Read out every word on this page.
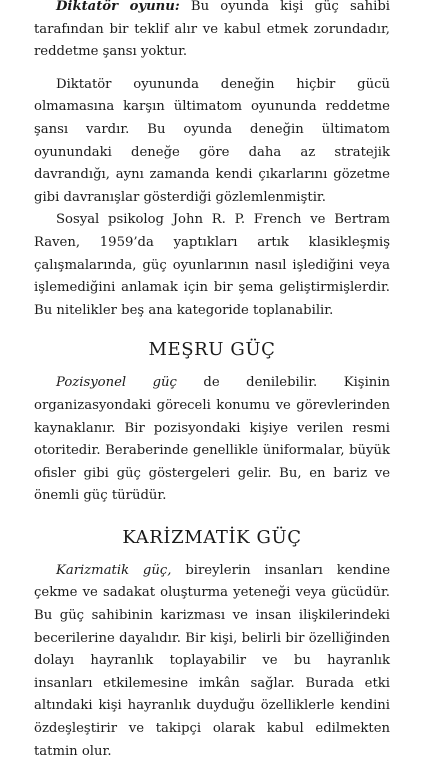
Diktatör oyunu: Bu oyunda kişi güç sahibi tarafından bir teklif alır ve kabul etmek zorundadır, reddetme şansı yoktur.

Diktatör oyununda deneğin hiçbir gücü olmamasına karşın ültimatom oyununda reddetme şansı vardır. Bu oyunda deneğin ültimatom oyunundaki deneğe göre daha az stratejik davrandığı, aynı zamanda kendi çıkarlarını gözetme gibi davranışlar gösterdiği gözlemlenmiştir.

Sosyal psikolog John R. P. French ve Bertram Raven, 1959’da yaptıkları artık klasikleşmiş çalışmalarında, güç oyunlarının nasıl işlediğini veya işlemediğini anlamak için bir şema geliştirmişlerdir. Bu nitelikler beş ana kategoride toplanabilir.

MEŞRU GÜÇ

Pozisyonel güç de denilebilir. Kişinin organizasyondaki göreceli konumu ve görevlerinden kaynaklanır. Bir pozisyondaki kişiye verilen resmi otoritedir. Beraberinde genellikle üniformalar, büyük ofisler gibi güç göstergeleri gelir. Bu, en bariz ve önemli güç türüdür.

KARİZMATİK GÜÇ

Karizmatik güç, bireylerin insanları kendine çekme ve sadakat oluşturma yeteneği veya gücüdür. Bu güç sahibinin karizması ve insan ilişkilerindeki becerilerine dayalıdır. Bir kişi, belirli bir özelliğinden dolayı hayranlık toplayabilir ve bu hayranlık insanları etkilemesine imkân sağlar. Burada etki altındaki kişi hayranlık duyduğu özelliklerle kendini özdeşleştirir ve takipçi olarak kabul edilmekten tatmin olur.
